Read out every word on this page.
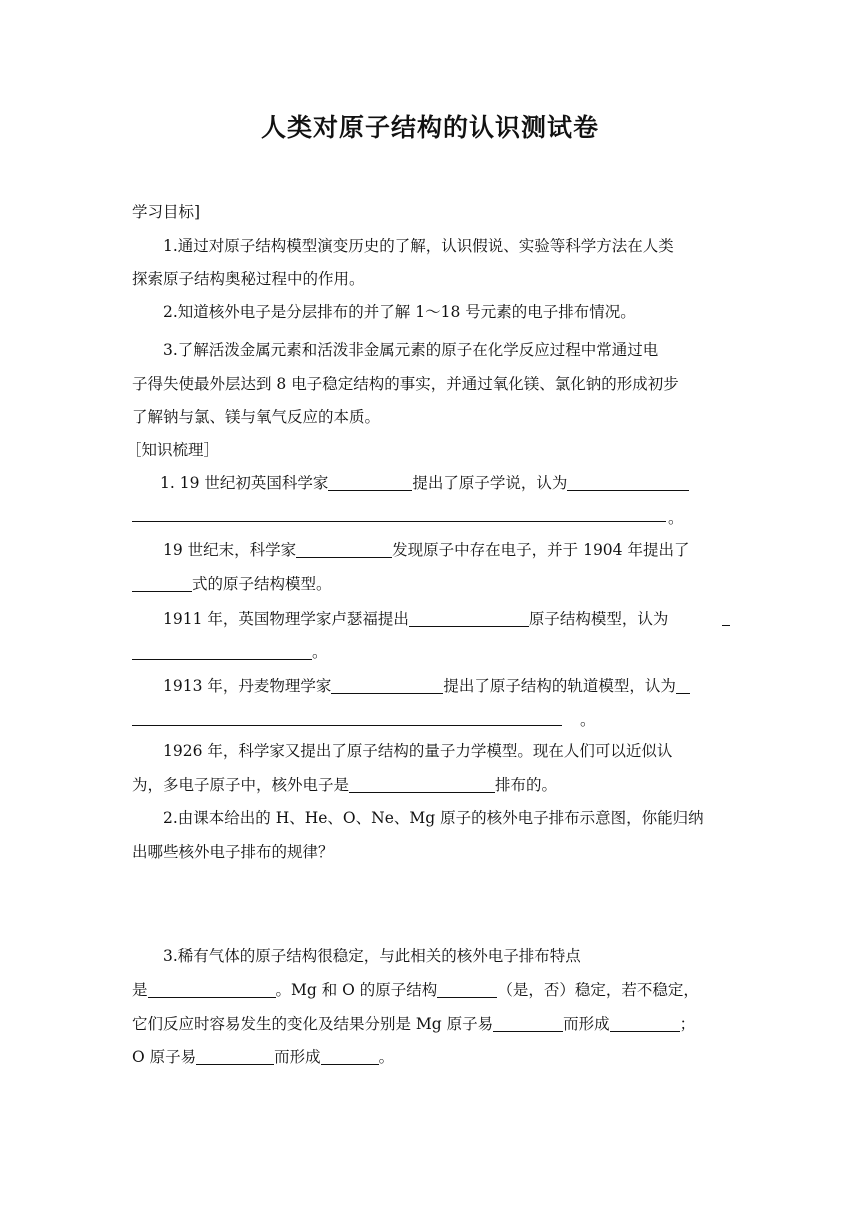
人类对原子结构的认识测试卷
学习目标]
1.通过对原子结构模型演变历史的了解，认识假说、实验等科学方法在人类
探索原子结构奥秘过程中的作用。
2.知道核外电子是分层排布的并了解 1～18 号元素的电子排布情况。
3.了解活泼金属元素和活泼非金属元素的原子在化学反应过程中常通过电
子得失使最外层达到 8 电子稳定结构的事实，并通过氧化镁、氯化钠的形成初步
了解钠与氯、镁与氧气反应的本质。
［知识梳理］
1. 19 世纪初英国科学家	提出了原子学说，认为
。
19 世纪末，科学家	发现原子中存在电子，并于 1904 年提出了
式的原子结构模型。
1911 年，英国物理学家卢瑟福提出	原子结构模型，认为
。
1913 年，丹麦物理学家	提出了原子结构的轨道模型，认为
。
1926 年，科学家又提出了原子结构的量子力学模型。现在人们可以近似认
为，多电子原子中，核外电子是	排布的。
2.由课本给出的 H、He、O、Ne、Mg 原子的核外电子排布示意图，你能归纳
出哪些核外电子排布的规律？
3.稀有气体的原子结构很稳定，与此相关的核外电子排布特点
是	。Mg 和 O 的原子结构	（是，否）稳定，若不稳定，
它们反应时容易发生的变化及结果分别是 Mg 原子易	而形成	；
O 原子易	而形成	。
